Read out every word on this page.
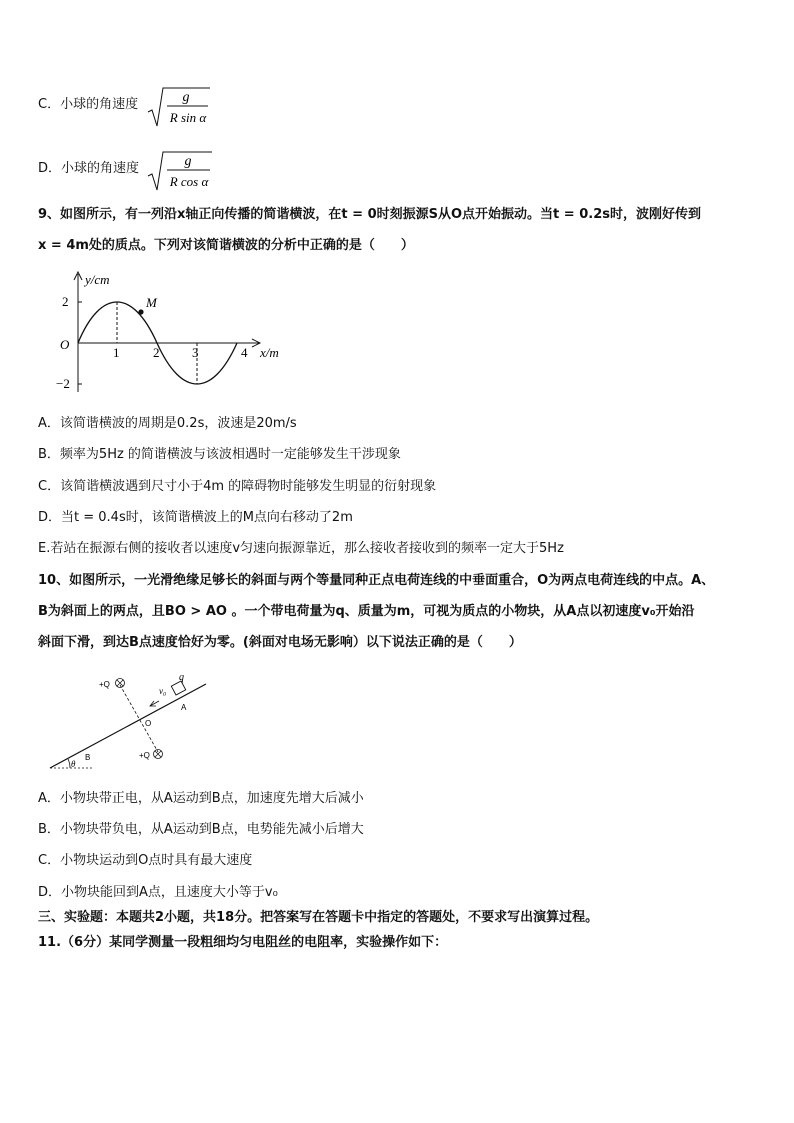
C．小球的角速度	g
R sin α
D．小球的角速度	g
R cos α
9、如图所示，有一列沿x轴正向传播的简谐横波，在t = 0时刻振源S从O点开始振动。当t = 0.2s时，波刚好传到
x = 4m处的质点。下列对该简谐横波的分析中正确的是（　　）
y/cm
M
O
2
−2
1	2	3	4 x/m
A．该简谐横波的周期是0.2s，波速是20m/s
B．频率为5Hz 的简谐横波与该波相遇时一定能够发生干涉现象
C．该简谐横波遇到尺寸小于4m 的障碍物时能够发生明显的衍射现象
D．当t = 0.4s时，该简谐横波上的M点向右移动了2m
E.若站在振源右侧的接收者以速度v匀速向振源靠近，那么接收者接收到的频率一定大于5Hz
10、如图所示，一光滑绝缘足够长的斜面与两个等量同种正点电荷连线的中垂面重合，O为两点电荷连线的中点。A、
B为斜面上的两点，且BO > AO 。一个带电荷量为q、质量为m，可视为质点的小物块，从A点以初速度v₀开始沿
斜面下滑，到达B点速度恰好为零。(斜面对电场无影响）以下说法正确的是（　　）
+Q
+Q
q
v₀
A
O
B
θ
A．小物块带正电，从A运动到B点，加速度先增大后减小
B．小物块带负电，从A运动到B点，电势能先减小后增大
C．小物块运动到O点时具有最大速度
D．小物块能回到A点，且速度大小等于v₀
三、实验题：本题共2小题，共18分。把答案写在答题卡中指定的答题处，不要求写出演算过程。
11.（6分）某同学测量一段粗细均匀电阻丝的电阻率，实验操作如下：
